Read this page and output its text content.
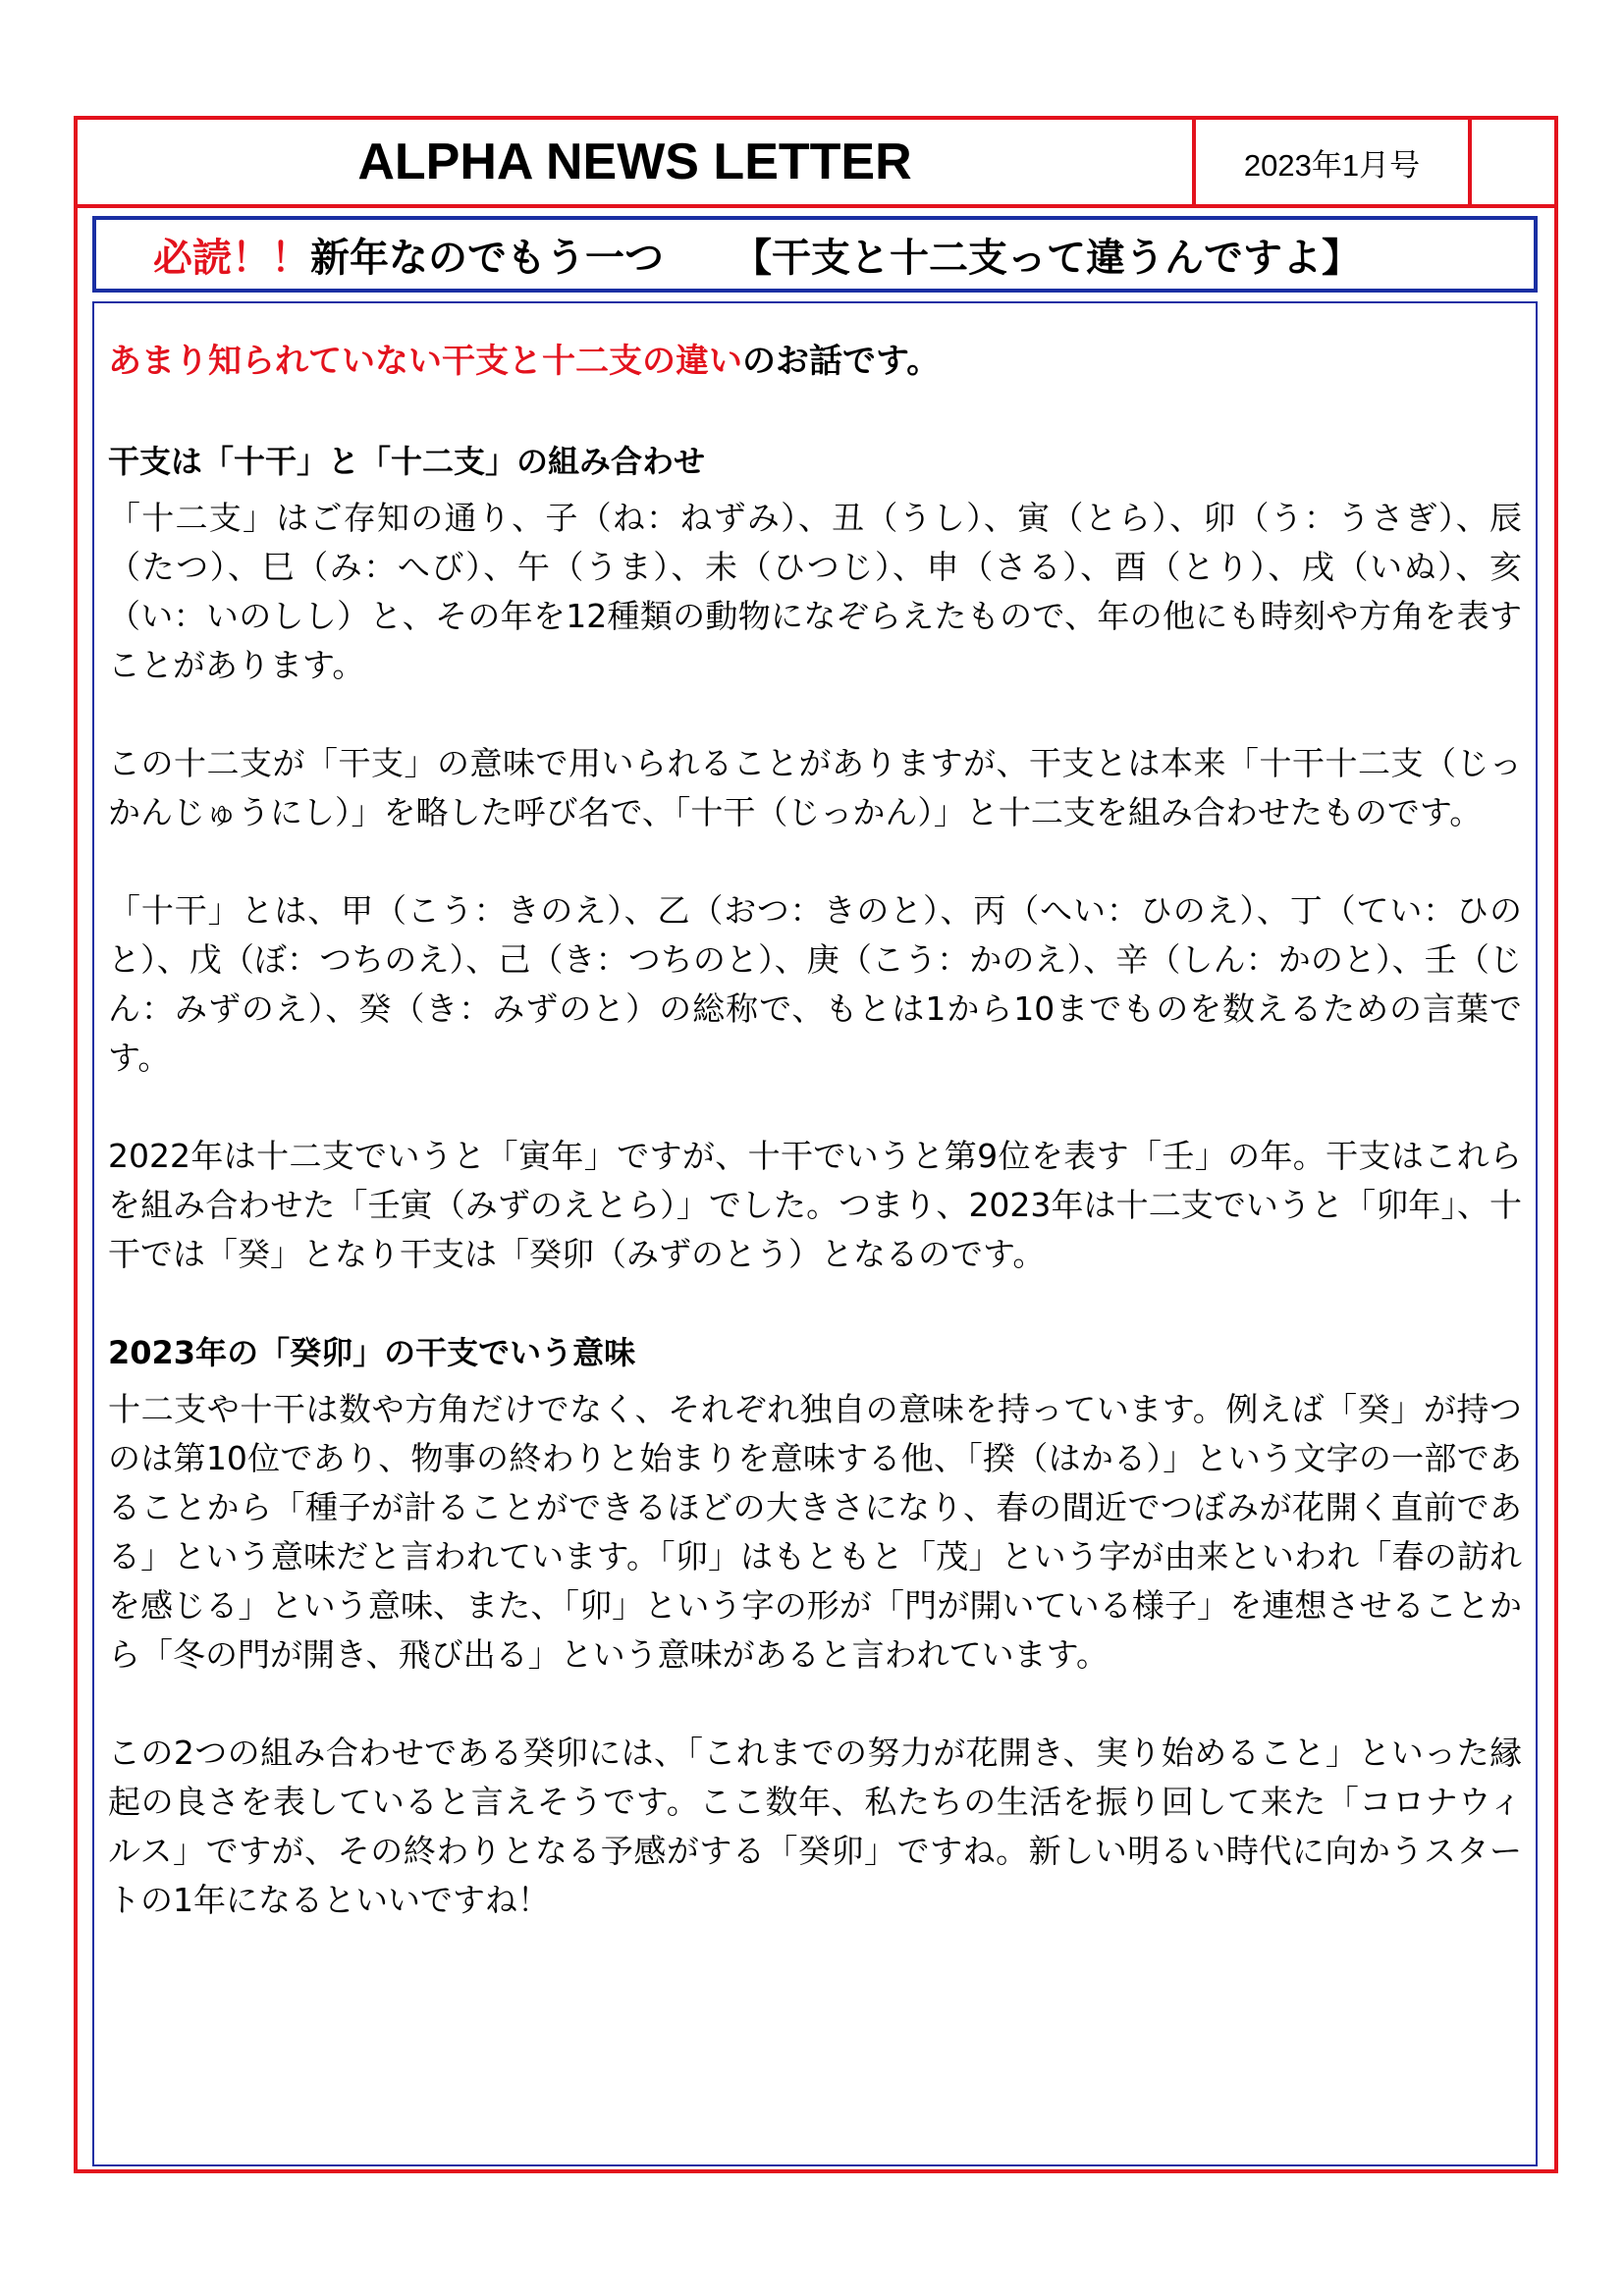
ALPHA NEWS LETTER	2023年1月号
必読！！ 新年なのでもう一つ 【干支と十二支って違うんですよ】

あまり知られていない干支と十二支の違いのお話です。

干支は「十干」と「十二支」の組み合わせ

「十二支」はご存知の通り、子（ね：ねずみ）、丑（うし）、寅（とら）、卯（う：うさぎ）、辰（たつ）、巳（み：へび）、午（うま）、未（ひつじ）、申（さる）、酉（とり）、戌（いぬ）、亥（い：いのしし）と、その年を12種類の動物になぞらえたもので、年の他にも時刻や方角を表すことがあります。

この十二支が「干支」の意味で用いられることがありますが、干支とは本来「十干十二支（じっかんじゅうにし）」を略した呼び名で、「十干（じっかん）」と十二支を組み合わせたものです。

「十干」とは、甲（こう：きのえ）、乙（おつ：きのと）、丙（へい：ひのえ）、丁（てい：ひのと）、戊（ぼ：つちのえ）、己（き：つちのと）、庚（こう：かのえ）、辛（しん：かのと）、壬（じん：みずのえ）、癸（き：みずのと）の総称で、もとは1から10までものを数えるための言葉です。

2022年は十二支でいうと「寅年」ですが、十干でいうと第9位を表す「壬」の年。干支はこれらを組み合わせた「壬寅（みずのえとら）」でした。つまり、2023年は十二支でいうと「卯年」、十干では「癸」となり干支は「癸卯（みずのとう）となるのです。

2023年の「癸卯」の干支でいう意味

十二支や十干は数や方角だけでなく、それぞれ独自の意味を持っています。例えば「癸」が持つのは第10位であり、物事の終わりと始まりを意味する他、「揆（はかる）」という文字の一部であることから「種子が計ることができるほどの大きさになり、春の間近でつぼみが花開く直前である」という意味だと言われています。「卯」はもともと「茂」という字が由来といわれ「春の訪れを感じる」という意味、また、「卯」という字の形が「門が開いている様子」を連想させることから「冬の門が開き、飛び出る」という意味があると言われています。

この2つの組み合わせである癸卯には、「これまでの努力が花開き、実り始めること」といった縁起の良さを表していると言えそうです。ここ数年、私たちの生活を振り回して来た「コロナウィルス」ですが、その終わりとなる予感がする「癸卯」ですね。新しい明るい時代に向かうスタートの1年になるといいですね！
